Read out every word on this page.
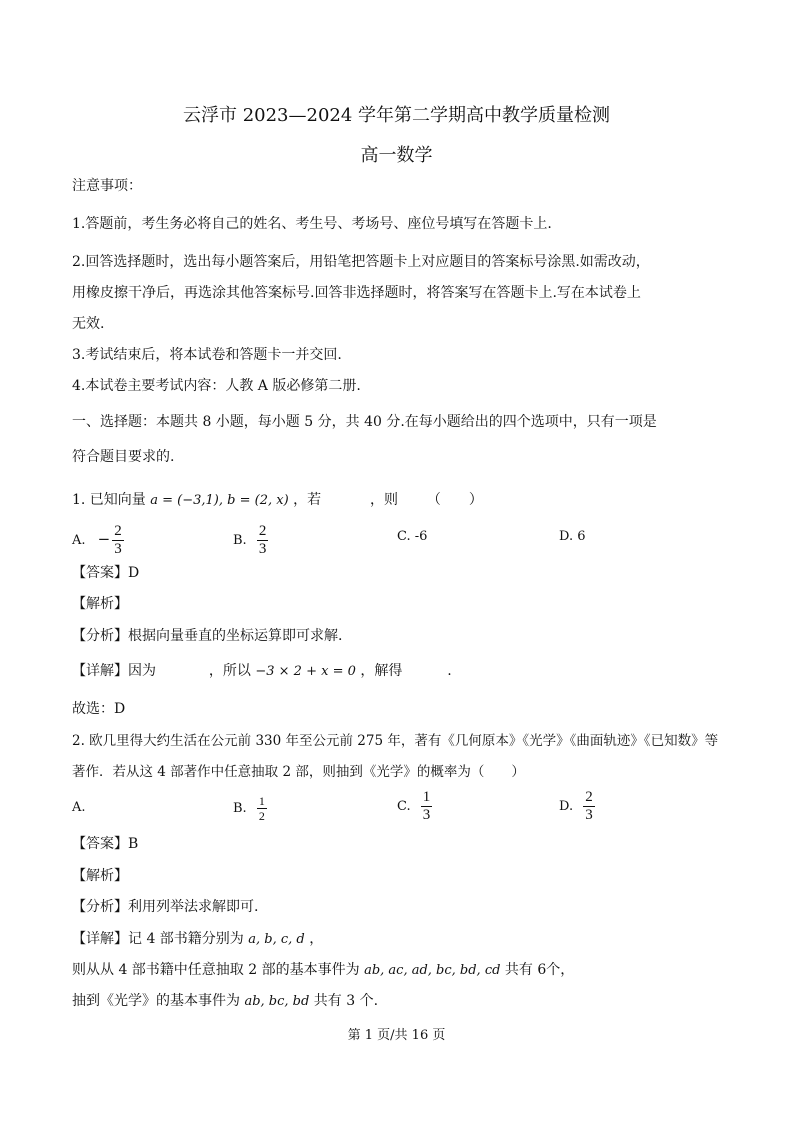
云浮市 2023—2024 学年第二学期高中教学质量检测
高一数学
注意事项：
1.答题前，考生务必将自己的姓名、考生号、考场号、座位号填写在答题卡上.
2.回答选择题时，选出每小题答案后，用铅笔把答题卡上对应题目的答案标号涂黑.如需改动，
用橡皮擦干净后，再选涂其他答案标号.回答非选择题时，将答案写在答题卡上.写在本试卷上
无效.
3.考试结束后，将本试卷和答题卡一并交回.
4.本试卷主要考试内容：人教 A 版必修第二册.
一、选择题：本题共 8 小题，每小题 5 分，共 40 分.在每小题给出的四个选项中，只有一项是
符合题目要求的.
1. 已知向量 a = (−3,1), b = (2, x) ，若	，则 （　　）
A. − $\frac{2}{3}$	B. $\frac{2}{3}$	C. -6	D. 6
【答案】D
【解析】
【分析】根据向量垂直的坐标运算即可求解.
【详解】因为	，所以 −3 × 2 + x = 0 ，解得	.
故选：D
2. 欧几里得大约生活在公元前 330 年至公元前 275 年，著有《几何原本》《光学》《曲面轨迹》《已知数》等
著作．若从这 4 部著作中任意抽取 2 部，则抽到《光学》的概率为（　　）
A.	B. $\frac{1}{2}$	C. $\frac{1}{3}$	D. $\frac{2}{3}$
【答案】B
【解析】
【分析】利用列举法求解即可.
【详解】记 4 部书籍分别为 a, b, c, d ，
则从从 4 部书籍中任意抽取 2 部的基本事件为 ab, ac, ad, bc, bd, cd 共有 6个，
抽到《光学》的基本事件为 ab, bc, bd 共有 3 个.
第 1 页/共 16 页
